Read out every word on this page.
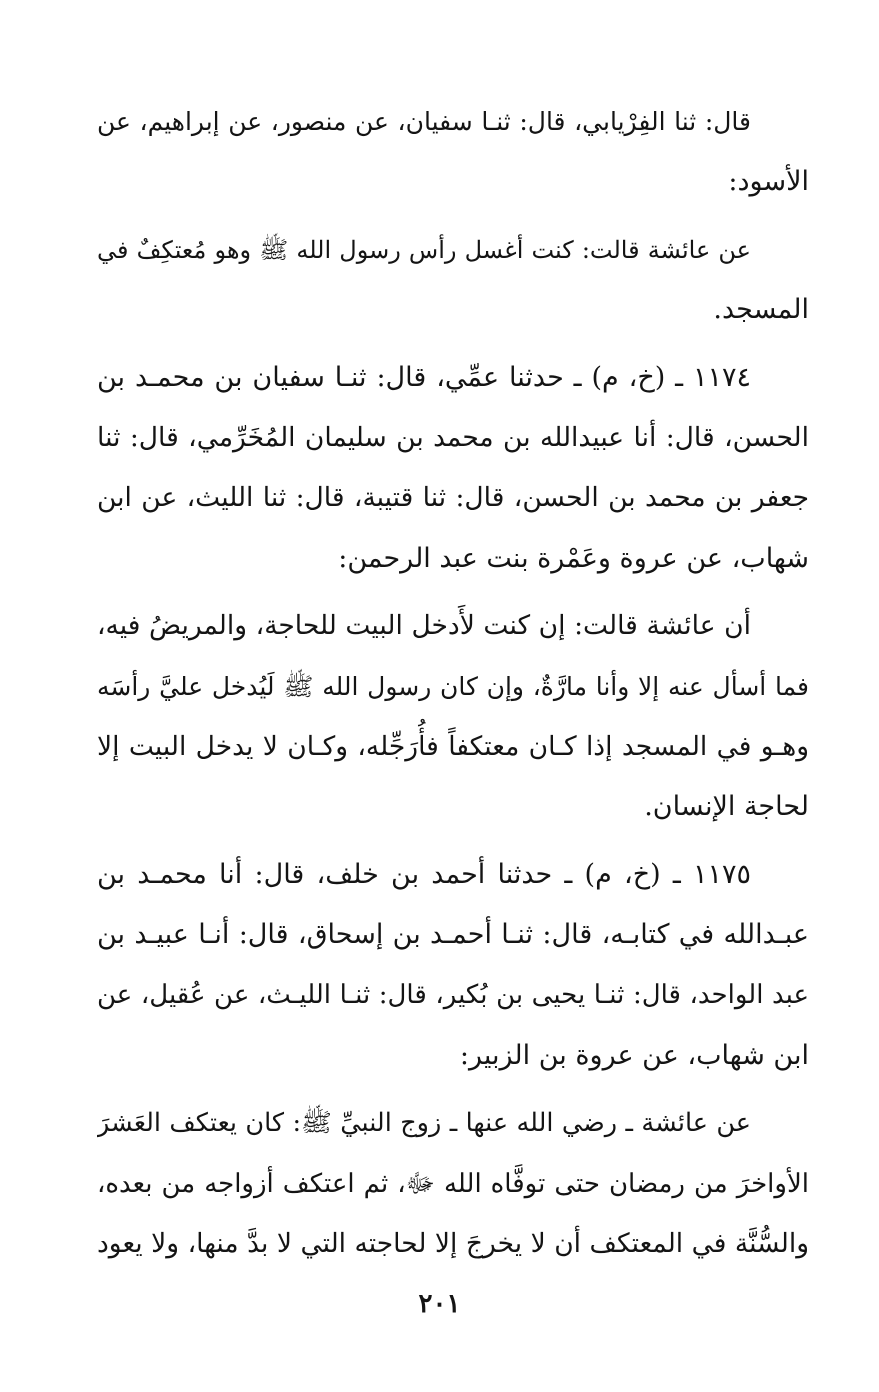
قال: ثنا الفِرْيابي، قال: ثنـا سفيان، عن منصور، عن إبراهيم، عن
الأسود:
عن عائشة قالت: كنت أغسل رأس رسول الله ﷺ وهو مُعتكِفٌ في
المسجد.
١١٧٤ ـ (خ، م) ـ حدثنا عمِّي، قال: ثنـا سفيان بن محمـد بن
الحسن، قال: أنا عبيدالله بن محمد بن سليمان المُخَرِّمي، قال: ثنا
جعفر بن محمد بن الحسن، قال: ثنا قتيبة، قال: ثنا الليث، عن ابن
شهاب، عن عروة وعَمْرة بنت عبد الرحمن:
أن عائشة قالت: إن كنت لأَدخل البيت للحاجة، والمريضُ فيه،
فما أسأل عنه إلا وأنا مارَّةٌ، وإن كان رسول الله ﷺ لَيُدخل عليَّ رأسَه
وهـو في المسجد إذا كـان معتكفاً فأُرَجِّله، وكـان لا يدخل البيت إلا
لحاجة الإنسان.
١١٧٥ ـ (خ، م) ـ حدثنا أحمد بن خلف، قال: أنا محمـد بن
عبـدالله في كتابـه، قال: ثنـا أحمـد بن إسحاق، قال: أنـا عبيـد بن
عبد الواحد، قال: ثنـا يحيى بن بُكير، قال: ثنـا الليـث، عن عُقيل، عن
ابن شهاب، عن عروة بن الزبير:
عن عائشة ـ رضي الله عنها ـ زوج النبيِّ ﷺ: كان يعتكف العَشرَ
الأواخرَ من رمضان حتى توفَّاه الله ﷻ، ثم اعتكف أزواجه من بعده،
والسُّنَّة في المعتكف أن لا يخرجَ إلا لحاجته التي لا بدَّ منها، ولا يعود
٢٠١
